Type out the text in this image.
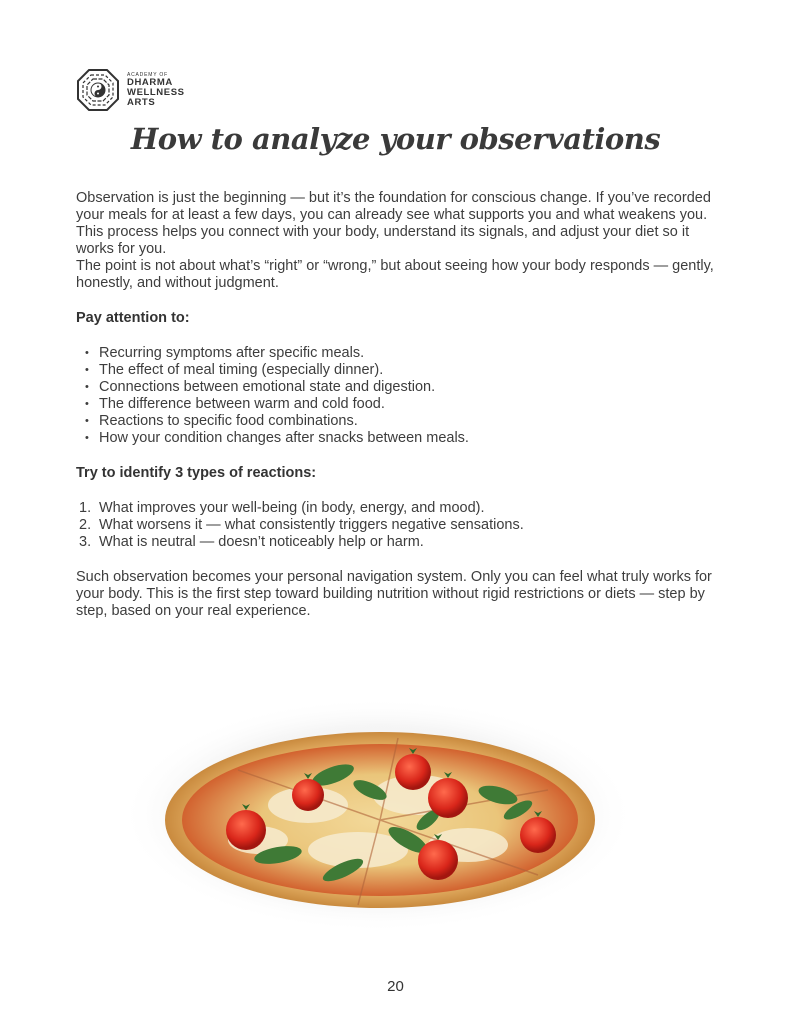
ACADEMY OF
DHARMA
WELLNESS
ARTS
How to analyze your observations

Observation is just the beginning — but it’s the foundation for conscious change. If you’ve recorded your meals for at least a few days, you can already see what supports you and what weakens you. This process helps you connect with your body, understand its signals, and adjust your diet so it works for you.

The point is not about what’s “right” or “wrong,” but about seeing how your body responds — gently, honestly, and without judgment.

Pay attention to:

• Recurring symptoms after specific meals.
• The effect of meal timing (especially dinner).
• Connections between emotional state and digestion.
• The difference between warm and cold food.
• Reactions to specific food combinations.
• How your condition changes after snacks between meals.

Try to identify 3 types of reactions:

1. What improves your well-being (in body, energy, and mood).
2. What worsens it — what consistently triggers negative sensations.
3. What is neutral — doesn’t noticeably help or harm.

Such observation becomes your personal navigation system. Only you can feel what truly works for your body. This is the first step toward building nutrition without rigid restrictions or diets — step by step, based on your real experience.

20
